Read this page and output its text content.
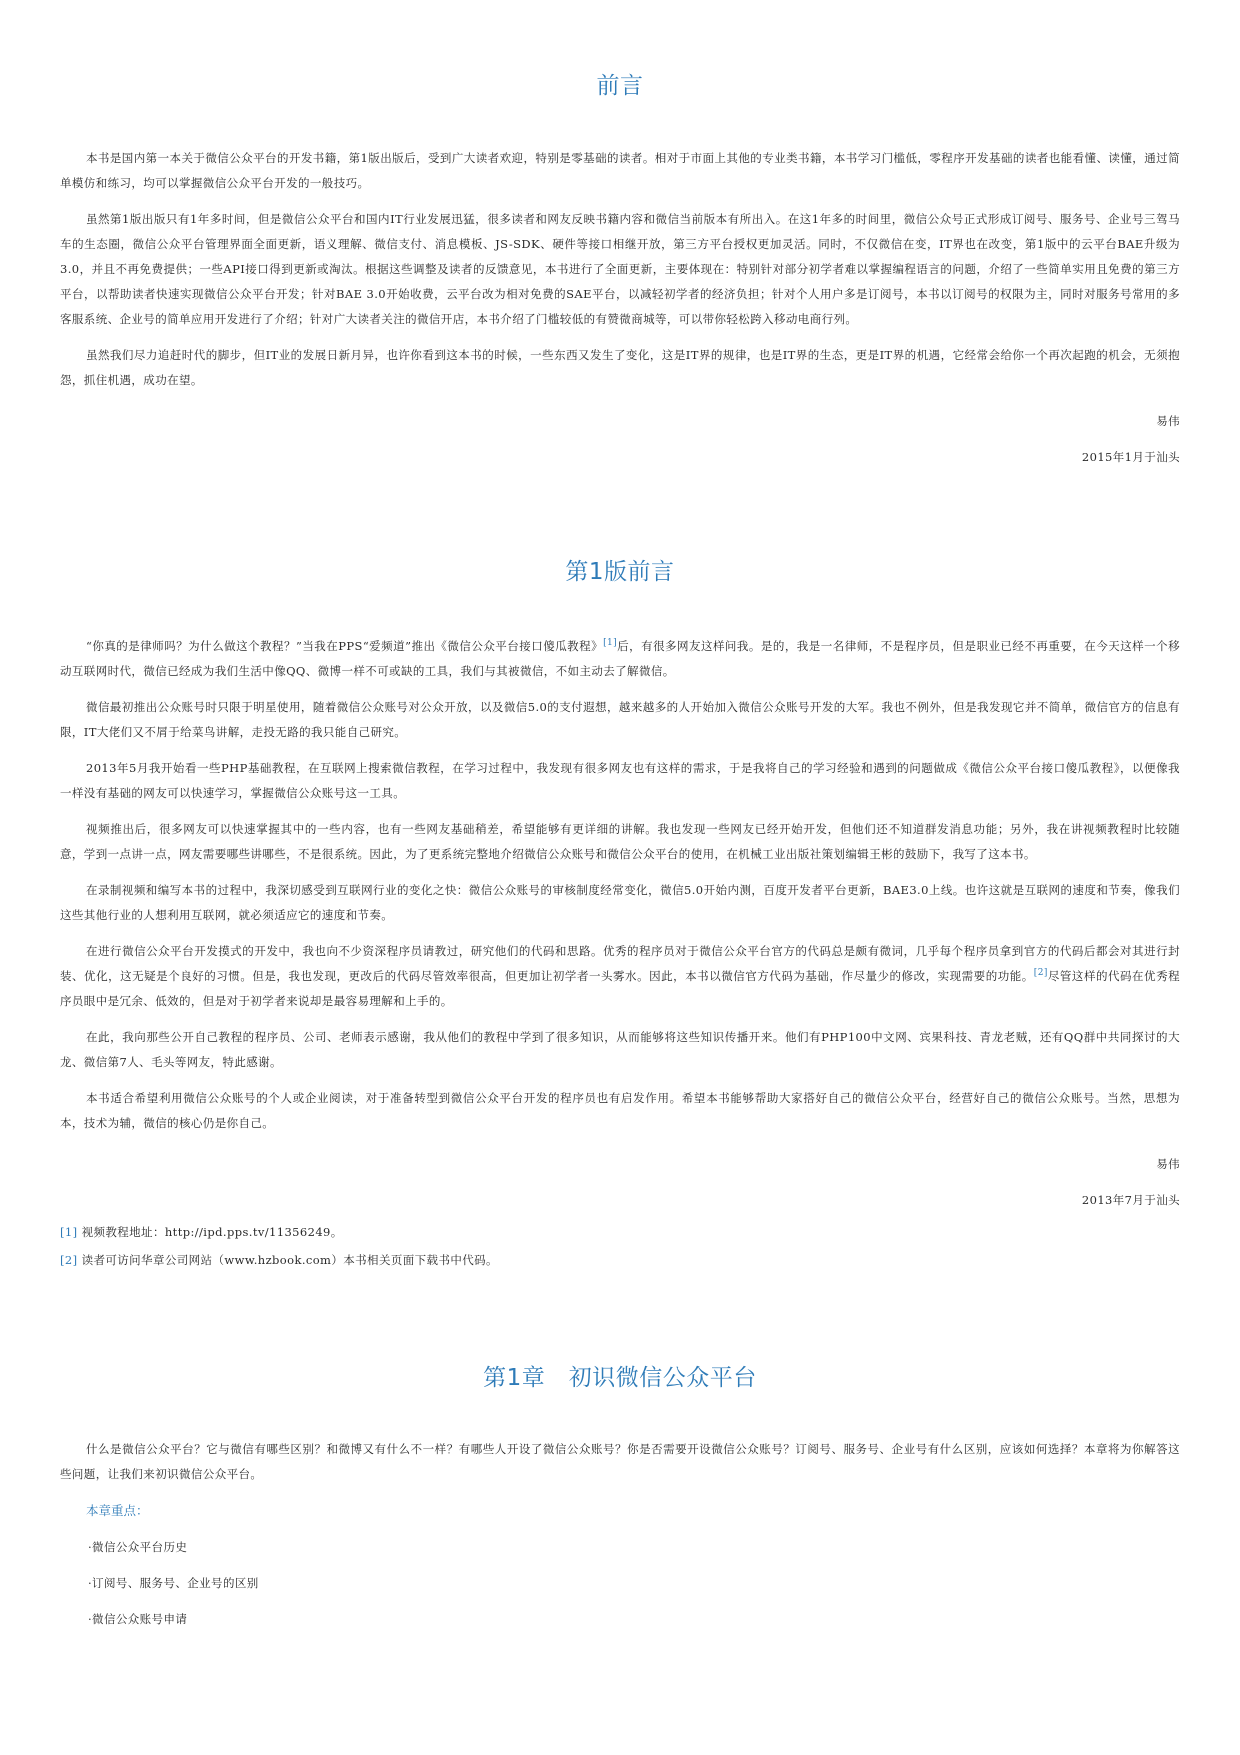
前言

本书是国内第一本关于微信公众平台的开发书籍，第1版出版后，受到广大读者欢迎，特别是零基础的读者。相对于市面上其他的专业类书籍，本书学习门槛低，零程序开发基础的读者也能看懂、读懂，通过简单模仿和练习，均可以掌握微信公众平台开发的一般技巧。

虽然第1版出版只有1年多时间，但是微信公众平台和国内IT行业发展迅猛，很多读者和网友反映书籍内容和微信当前版本有所出入。在这1年多的时间里，微信公众号正式形成订阅号、服务号、企业号三驾马车的生态圈，微信公众平台管理界面全面更新，语义理解、微信支付、消息模板、JS-SDK、硬件等接口相继开放，第三方平台授权更加灵活。同时，不仅微信在变，IT界也在改变，第1版中的云平台BAE升级为3.0，并且不再免费提供；一些API接口得到更新或淘汰。根据这些调整及读者的反馈意见，本书进行了全面更新，主要体现在：特别针对部分初学者难以掌握编程语言的问题，介绍了一些简单实用且免费的第三方平台，以帮助读者快速实现微信公众平台开发；针对BAE 3.0开始收费，云平台改为相对免费的SAE平台，以减轻初学者的经济负担；针对个人用户多是订阅号，本书以订阅号的权限为主，同时对服务号常用的多客服系统、企业号的简单应用开发进行了介绍；针对广大读者关注的微信开店，本书介绍了门槛较低的有赞微商城等，可以带你轻松跨入移动电商行列。

虽然我们尽力追赶时代的脚步，但IT业的发展日新月异，也许你看到这本书的时候，一些东西又发生了变化，这是IT界的规律，也是IT界的生态，更是IT界的机遇，它经常会给你一个再次起跑的机会，无须抱怨，抓住机遇，成功在望。

易伟

2015年1月于汕头

第1版前言

“你真的是律师吗？为什么做这个教程？”当我在PPS“爱频道”推出《微信公众平台接口傻瓜教程》[1]后，有很多网友这样问我。是的，我是一名律师，不是程序员，但是职业已经不再重要，在今天这样一个移动互联网时代，微信已经成为我们生活中像QQ、微博一样不可或缺的工具，我们与其被微信，不如主动去了解微信。

微信最初推出公众账号时只限于明星使用，随着微信公众账号对公众开放，以及微信5.0的支付遐想，越来越多的人开始加入微信公众账号开发的大军。我也不例外，但是我发现它并不简单，微信官方的信息有限，IT大佬们又不屑于给菜鸟讲解，走投无路的我只能自己研究。

2013年5月我开始看一些PHP基础教程，在互联网上搜索微信教程，在学习过程中，我发现有很多网友也有这样的需求，于是我将自己的学习经验和遇到的问题做成《微信公众平台接口傻瓜教程》，以便像我一样没有基础的网友可以快速学习，掌握微信公众账号这一工具。

视频推出后，很多网友可以快速掌握其中的一些内容，也有一些网友基础稍差，希望能够有更详细的讲解。我也发现一些网友已经开始开发，但他们还不知道群发消息功能；另外，我在讲视频教程时比较随意，学到一点讲一点，网友需要哪些讲哪些，不是很系统。因此，为了更系统完整地介绍微信公众账号和微信公众平台的使用，在机械工业出版社策划编辑王彬的鼓励下，我写了这本书。

在录制视频和编写本书的过程中，我深切感受到互联网行业的变化之快：微信公众账号的审核制度经常变化，微信5.0开始内测，百度开发者平台更新，BAE3.0上线。也许这就是互联网的速度和节奏，像我们这些其他行业的人想利用互联网，就必须适应它的速度和节奏。

在进行微信公众平台开发摸式的开发中，我也向不少资深程序员请教过，研究他们的代码和思路。优秀的程序员对于微信公众平台官方的代码总是颇有微词，几乎每个程序员拿到官方的代码后都会对其进行封装、优化，这无疑是个良好的习惯。但是，我也发现，更改后的代码尽管效率很高，但更加让初学者一头雾水。因此，本书以微信官方代码为基础，作尽量少的修改，实现需要的功能。[2]尽管这样的代码在优秀程序员眼中是冗余、低效的，但是对于初学者来说却是最容易理解和上手的。

在此，我向那些公开自己教程的程序员、公司、老师表示感谢，我从他们的教程中学到了很多知识，从而能够将这些知识传播开来。他们有PHP100中文网、宾果科技、青龙老贼，还有QQ群中共同探讨的大龙、微信第7人、毛头等网友，特此感谢。

本书适合希望利用微信公众账号的个人或企业阅读，对于准备转型到微信公众平台开发的程序员也有启发作用。希望本书能够帮助大家搭好自己的微信公众平台，经营好自己的微信公众账号。当然，思想为本，技术为辅，微信的核心仍是你自己。

易伟

2013年7月于汕头

[1] 视频教程地址：http://ipd.pps.tv/11356249。

[2] 读者可访问华章公司网站（www.hzbook.com）本书相关页面下载书中代码。

第1章　初识微信公众平台

什么是微信公众平台？它与微信有哪些区别？和微博又有什么不一样？有哪些人开设了微信公众账号？你是否需要开设微信公众账号？订阅号、服务号、企业号有什么区别，应该如何选择？本章将为你解答这些问题，让我们来初识微信公众平台。

本章重点：

·微信公众平台历史

·订阅号、服务号、企业号的区别

·微信公众账号申请
